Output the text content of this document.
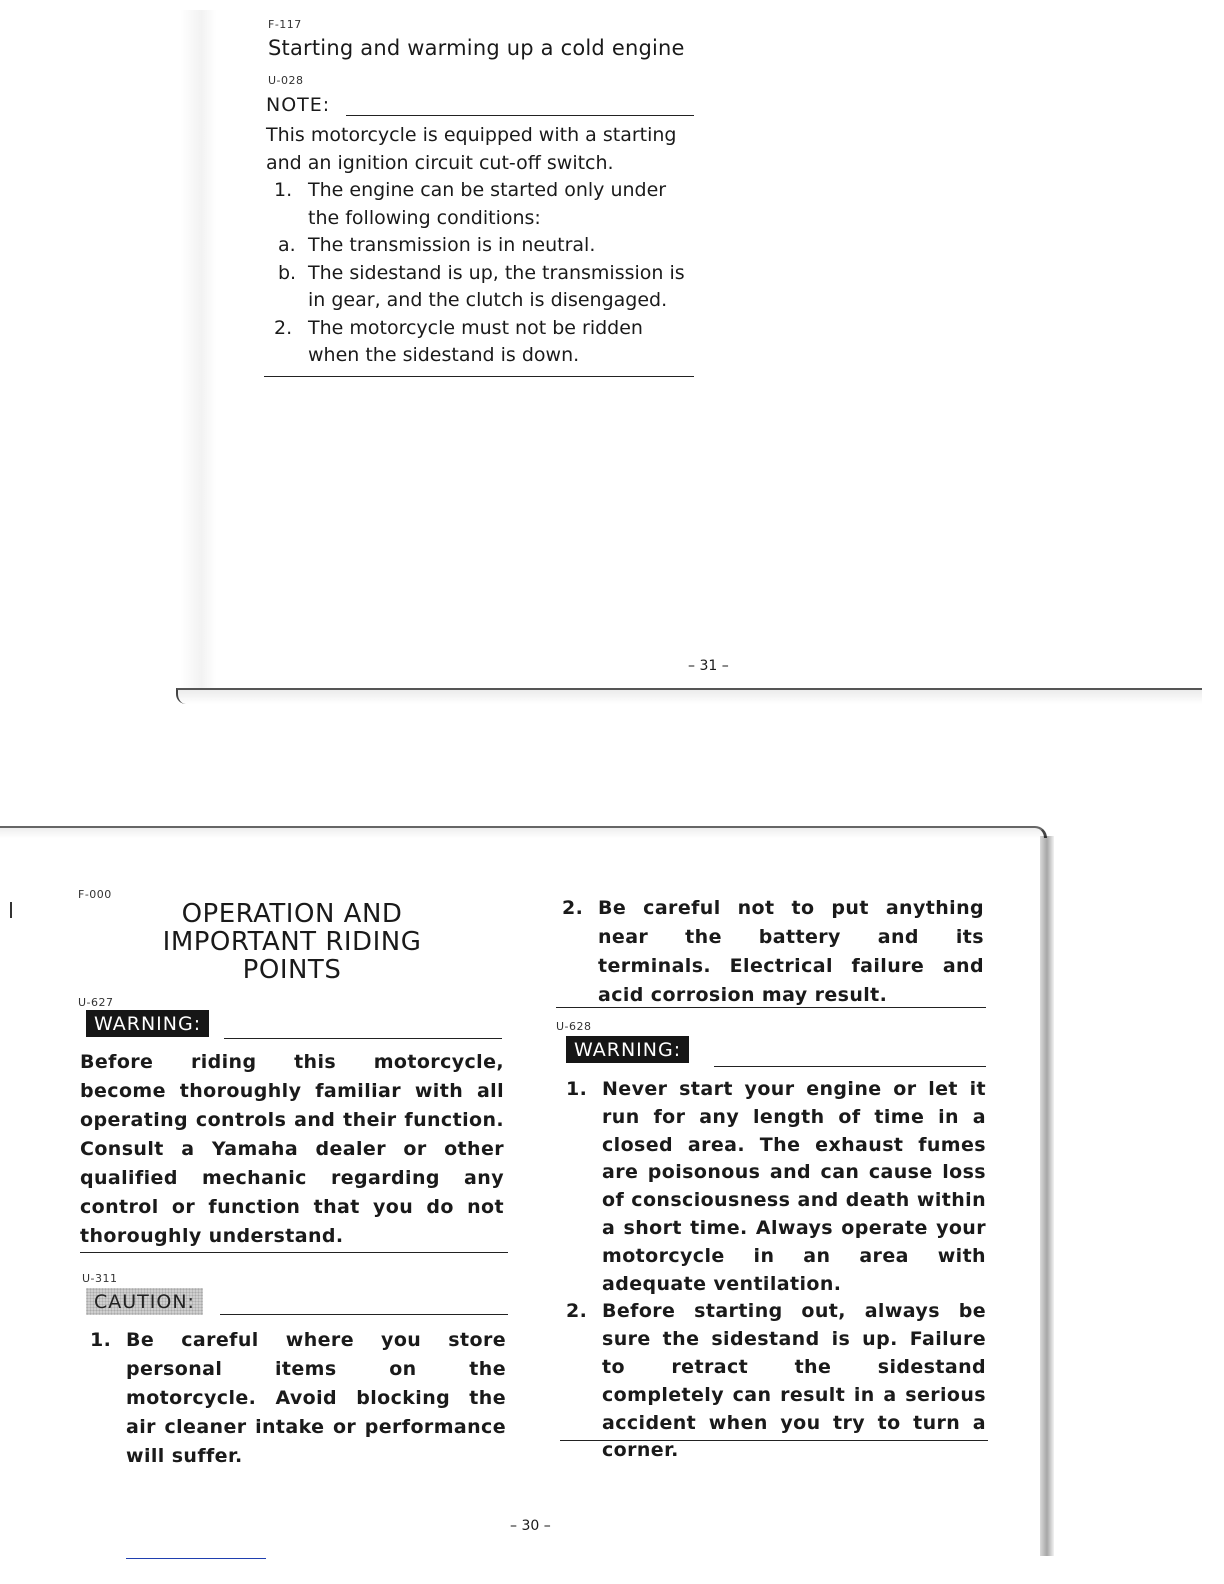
F-117
Starting and warming up a cold engine
U-028
NOTE:
This motorcycle is equipped with a starting and an ignition circuit cut-off switch.
1. The engine can be started only under the following conditions:
a. The transmission is in neutral.
b. The sidestand is up, the transmission is in gear, and the clutch is disengaged.
2. The motorcycle must not be ridden when the sidestand is down.
– 31 –
F-000
OPERATION AND
IMPORTANT RIDING
POINTS
U-627
WARNING:
Before riding this motorcycle, become thoroughly familiar with all operating controls and their function. Consult a Yamaha dealer or other qualified mechanic regarding any control or function that you do not thoroughly understand.
U-311
CAUTION:
1. Be careful where you store personal items on the motorcycle. Avoid blocking the air cleaner intake or performance will suffer.
2. Be careful not to put anything near the battery and its terminals. Electrical failure and acid corrosion may result.
U-628
WARNING:
1. Never start your engine or let it run for any length of time in a closed area. The exhaust fumes are poisonous and can cause loss of consciousness and death within a short time. Always operate your motorcycle in an area with adequate ventilation.
2. Before starting out, always be sure the sidestand is up. Failure to retract the sidestand completely can result in a serious accident when you try to turn a corner.
– 30 –
